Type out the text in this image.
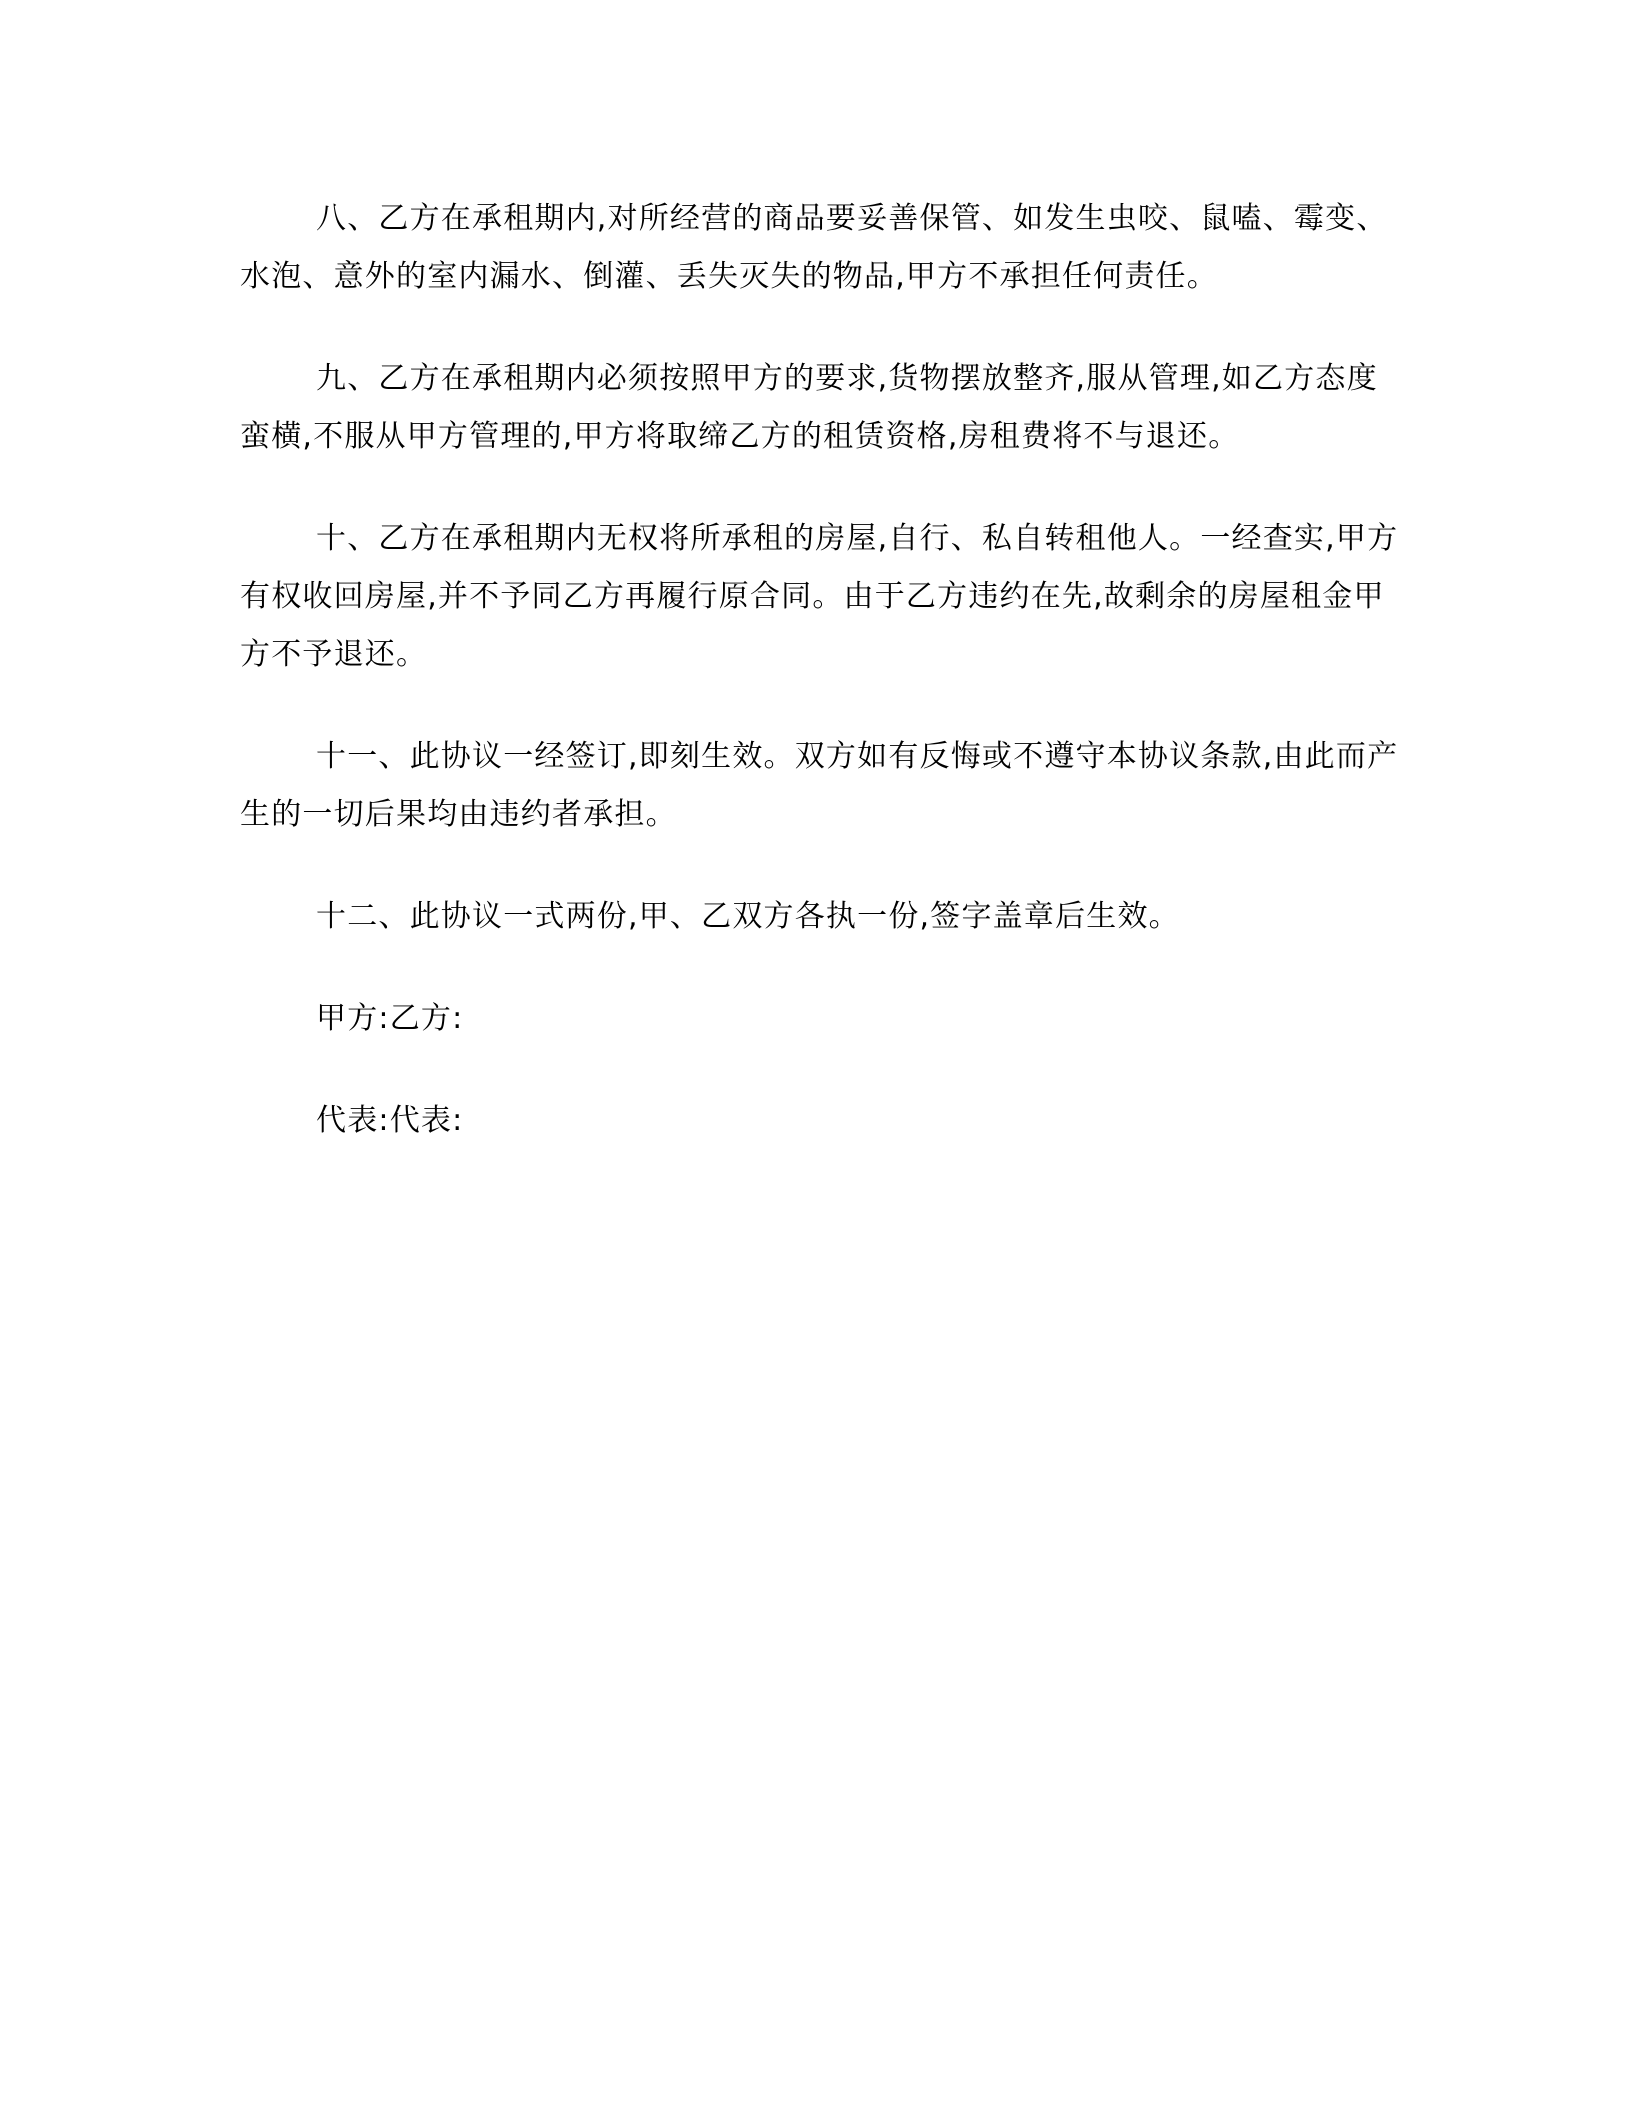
八、乙方在承租期内,对所经营的商品要妥善保管、如发生虫咬、鼠嗑、霉变、水泡、意外的室内漏水、倒灌、丢失灭失的物品,甲方不承担任何责任。

九、乙方在承租期内必须按照甲方的要求,货物摆放整齐,服从管理,如乙方态度蛮横,不服从甲方管理的,甲方将取缔乙方的租赁资格,房租费将不与退还。

十、乙方在承租期内无权将所承租的房屋,自行、私自转租他人。一经查实,甲方有权收回房屋,并不予同乙方再履行原合同。由于乙方违约在先,故剩余的房屋租金甲方不予退还。

十一、此协议一经签订,即刻生效。双方如有反悔或不遵守本协议条款,由此而产生的一切后果均由违约者承担。

十二、此协议一式两份,甲、乙双方各执一份,签字盖章后生效。

甲方:乙方:

代表:代表:
